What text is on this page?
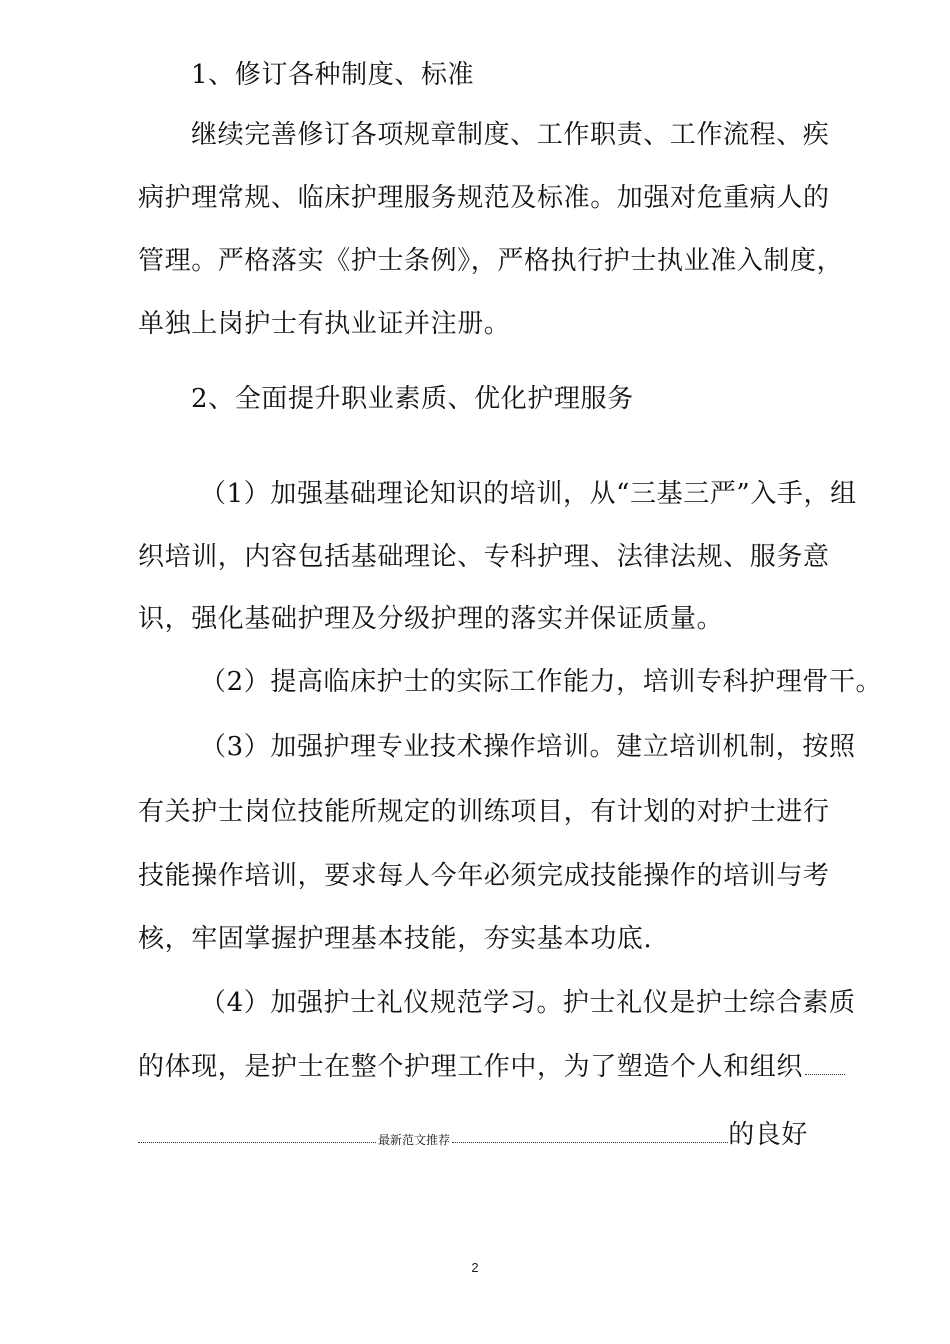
1、修订各种制度、标准
继续完善修订各项规章制度、工作职责、工作流程、疾
病护理常规、临床护理服务规范及标准。加强对危重病人的
管理。严格落实《护士条例》，严格执行护士执业准入制度，
单独上岗护士有执业证并注册。
2、全面提升职业素质、优化护理服务
（1）加强基础理论知识的培训，从“三基三严”入手，组
织培训，内容包括基础理论、专科护理、法律法规、服务意
识，强化基础护理及分级护理的落实并保证质量。
（2）提高临床护士的实际工作能力，培训专科护理骨干。
（3）加强护理专业技术操作培训。建立培训机制，按照
有关护士岗位技能所规定的训练项目，有计划的对护士进行
技能操作培训，要求每人今年必须完成技能操作的培训与考
核，牢固掌握护理基本技能，夯实基本功底.
（4）加强护士礼仪规范学习。护士礼仪是护士综合素质
的体现，是护士在整个护理工作中，为了塑造个人和组织
最新范文推荐	的良好
2
